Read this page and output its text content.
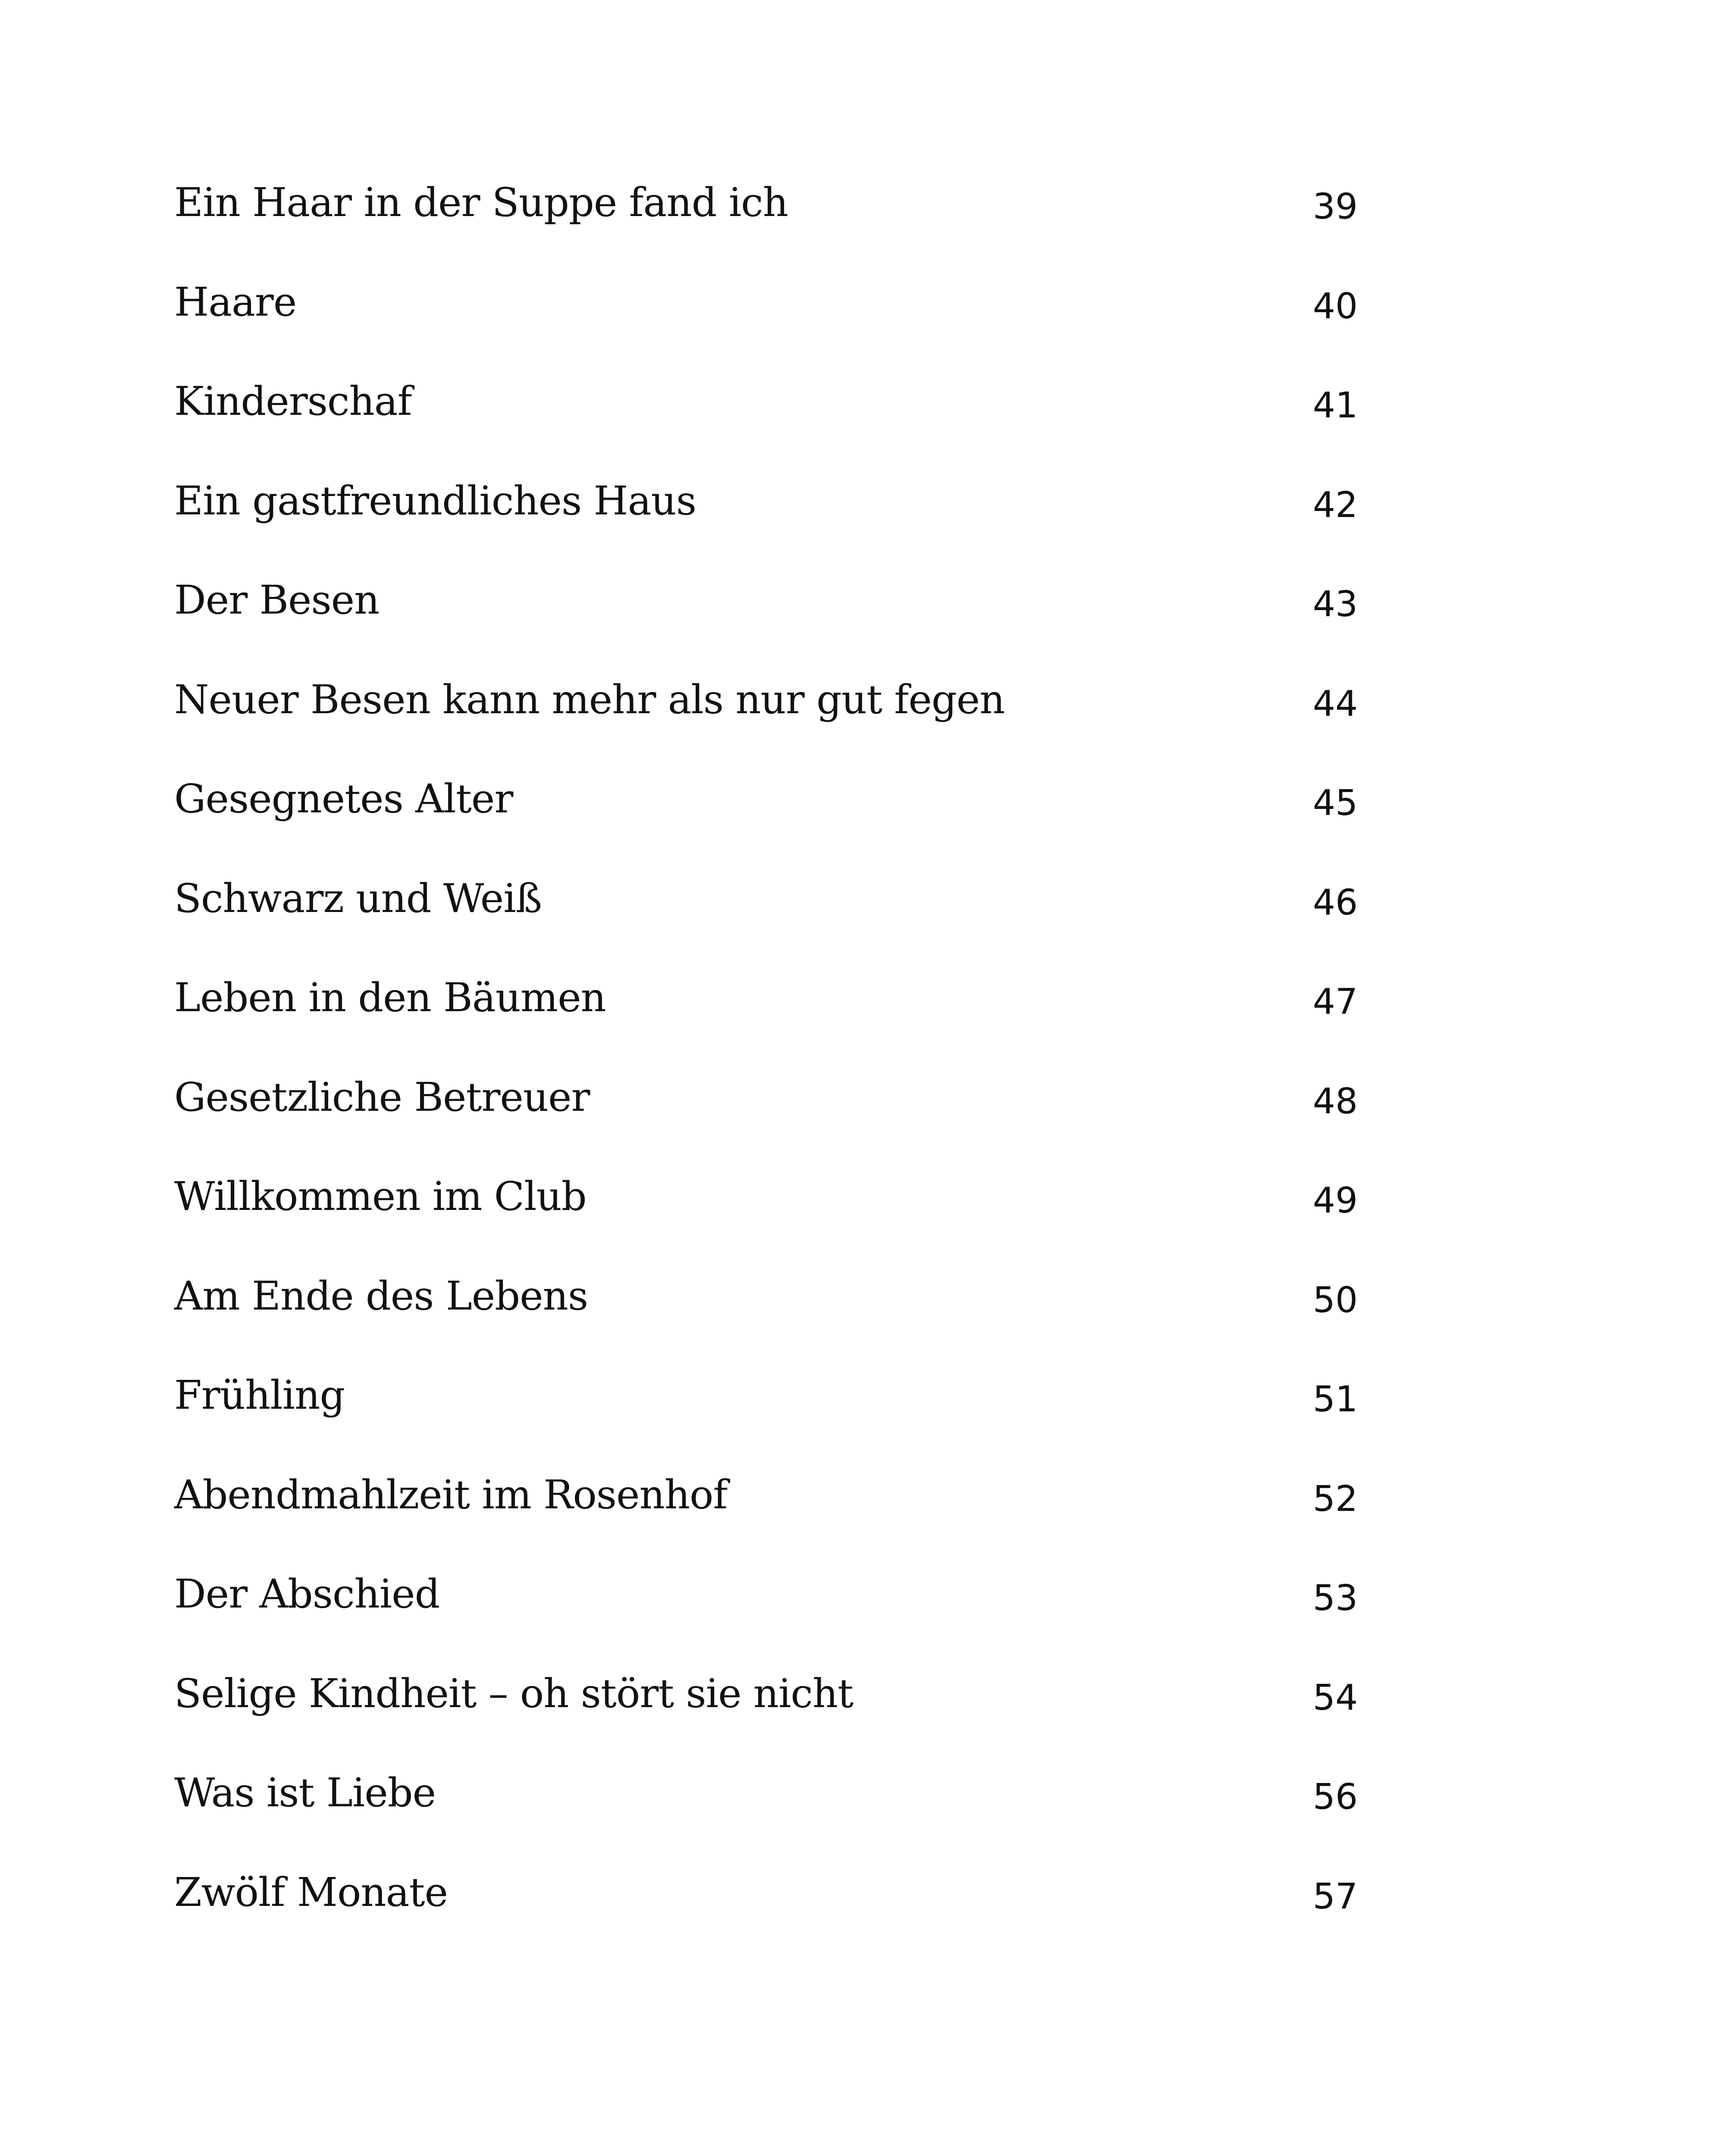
Ein Haar in der Suppe fand ich	39
Haare	40
Kinderschaf	41
Ein gastfreundliches Haus	42
Der Besen	43
Neuer Besen kann mehr als nur gut fegen	44
Gesegnetes Alter	45
Schwarz und Weiß	46
Leben in den Bäumen	47
Gesetzliche Betreuer	48
Willkommen im Club	49
Am Ende des Lebens	50
Frühling	51
Abendmahlzeit im Rosenhof	52
Der Abschied	53
Selige Kindheit – oh stört sie nicht	54
Was ist Liebe	56
Zwölf Monate	57
